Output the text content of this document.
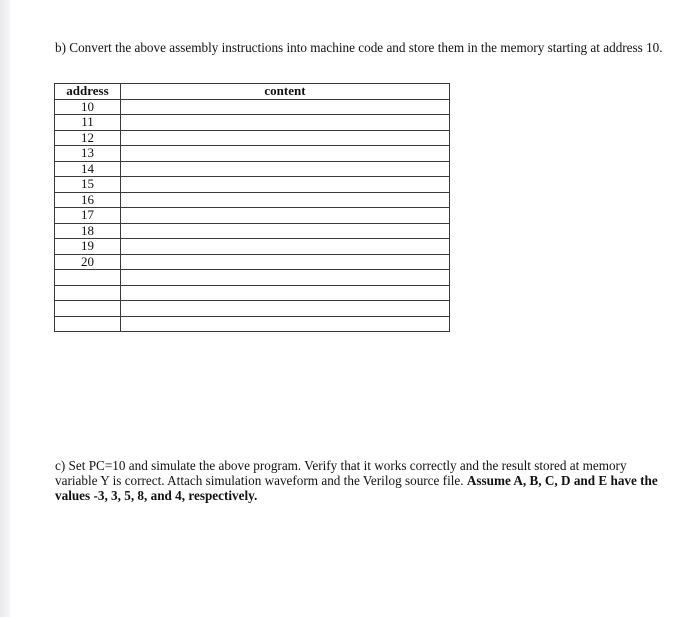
b) Convert the above assembly instructions into machine code and store them in the memory starting at address 10.
address	content
10	
11	
12	
13	
14	
15	
16	
17	
18	
19	
20	

c) Set PC=10 and simulate the above program. Verify that it works correctly and the result stored at memory variable Y is correct. Attach simulation waveform and the Verilog source file. Assume A, B, C, D and E have the values -3, 3, 5, 8, and 4, respectively.
